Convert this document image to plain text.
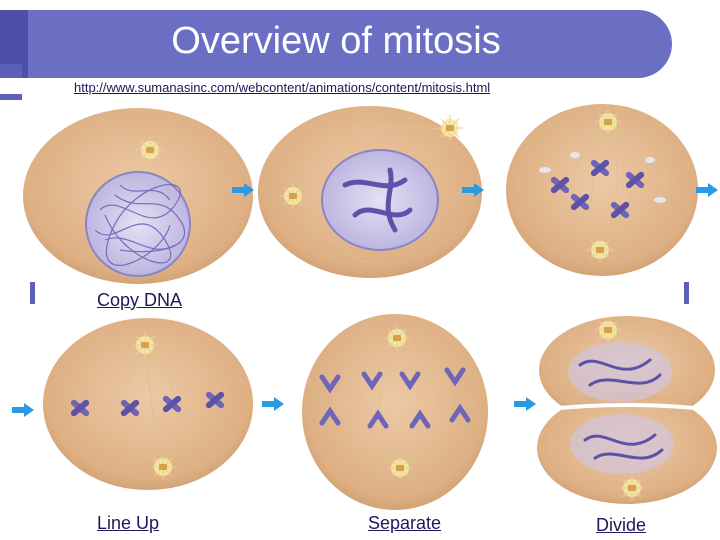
Overview of mitosis
http://www.sumanasinc.com/webcontent/animations/content/mitosis.html
Copy DNA
Line Up	Separate	Divide
